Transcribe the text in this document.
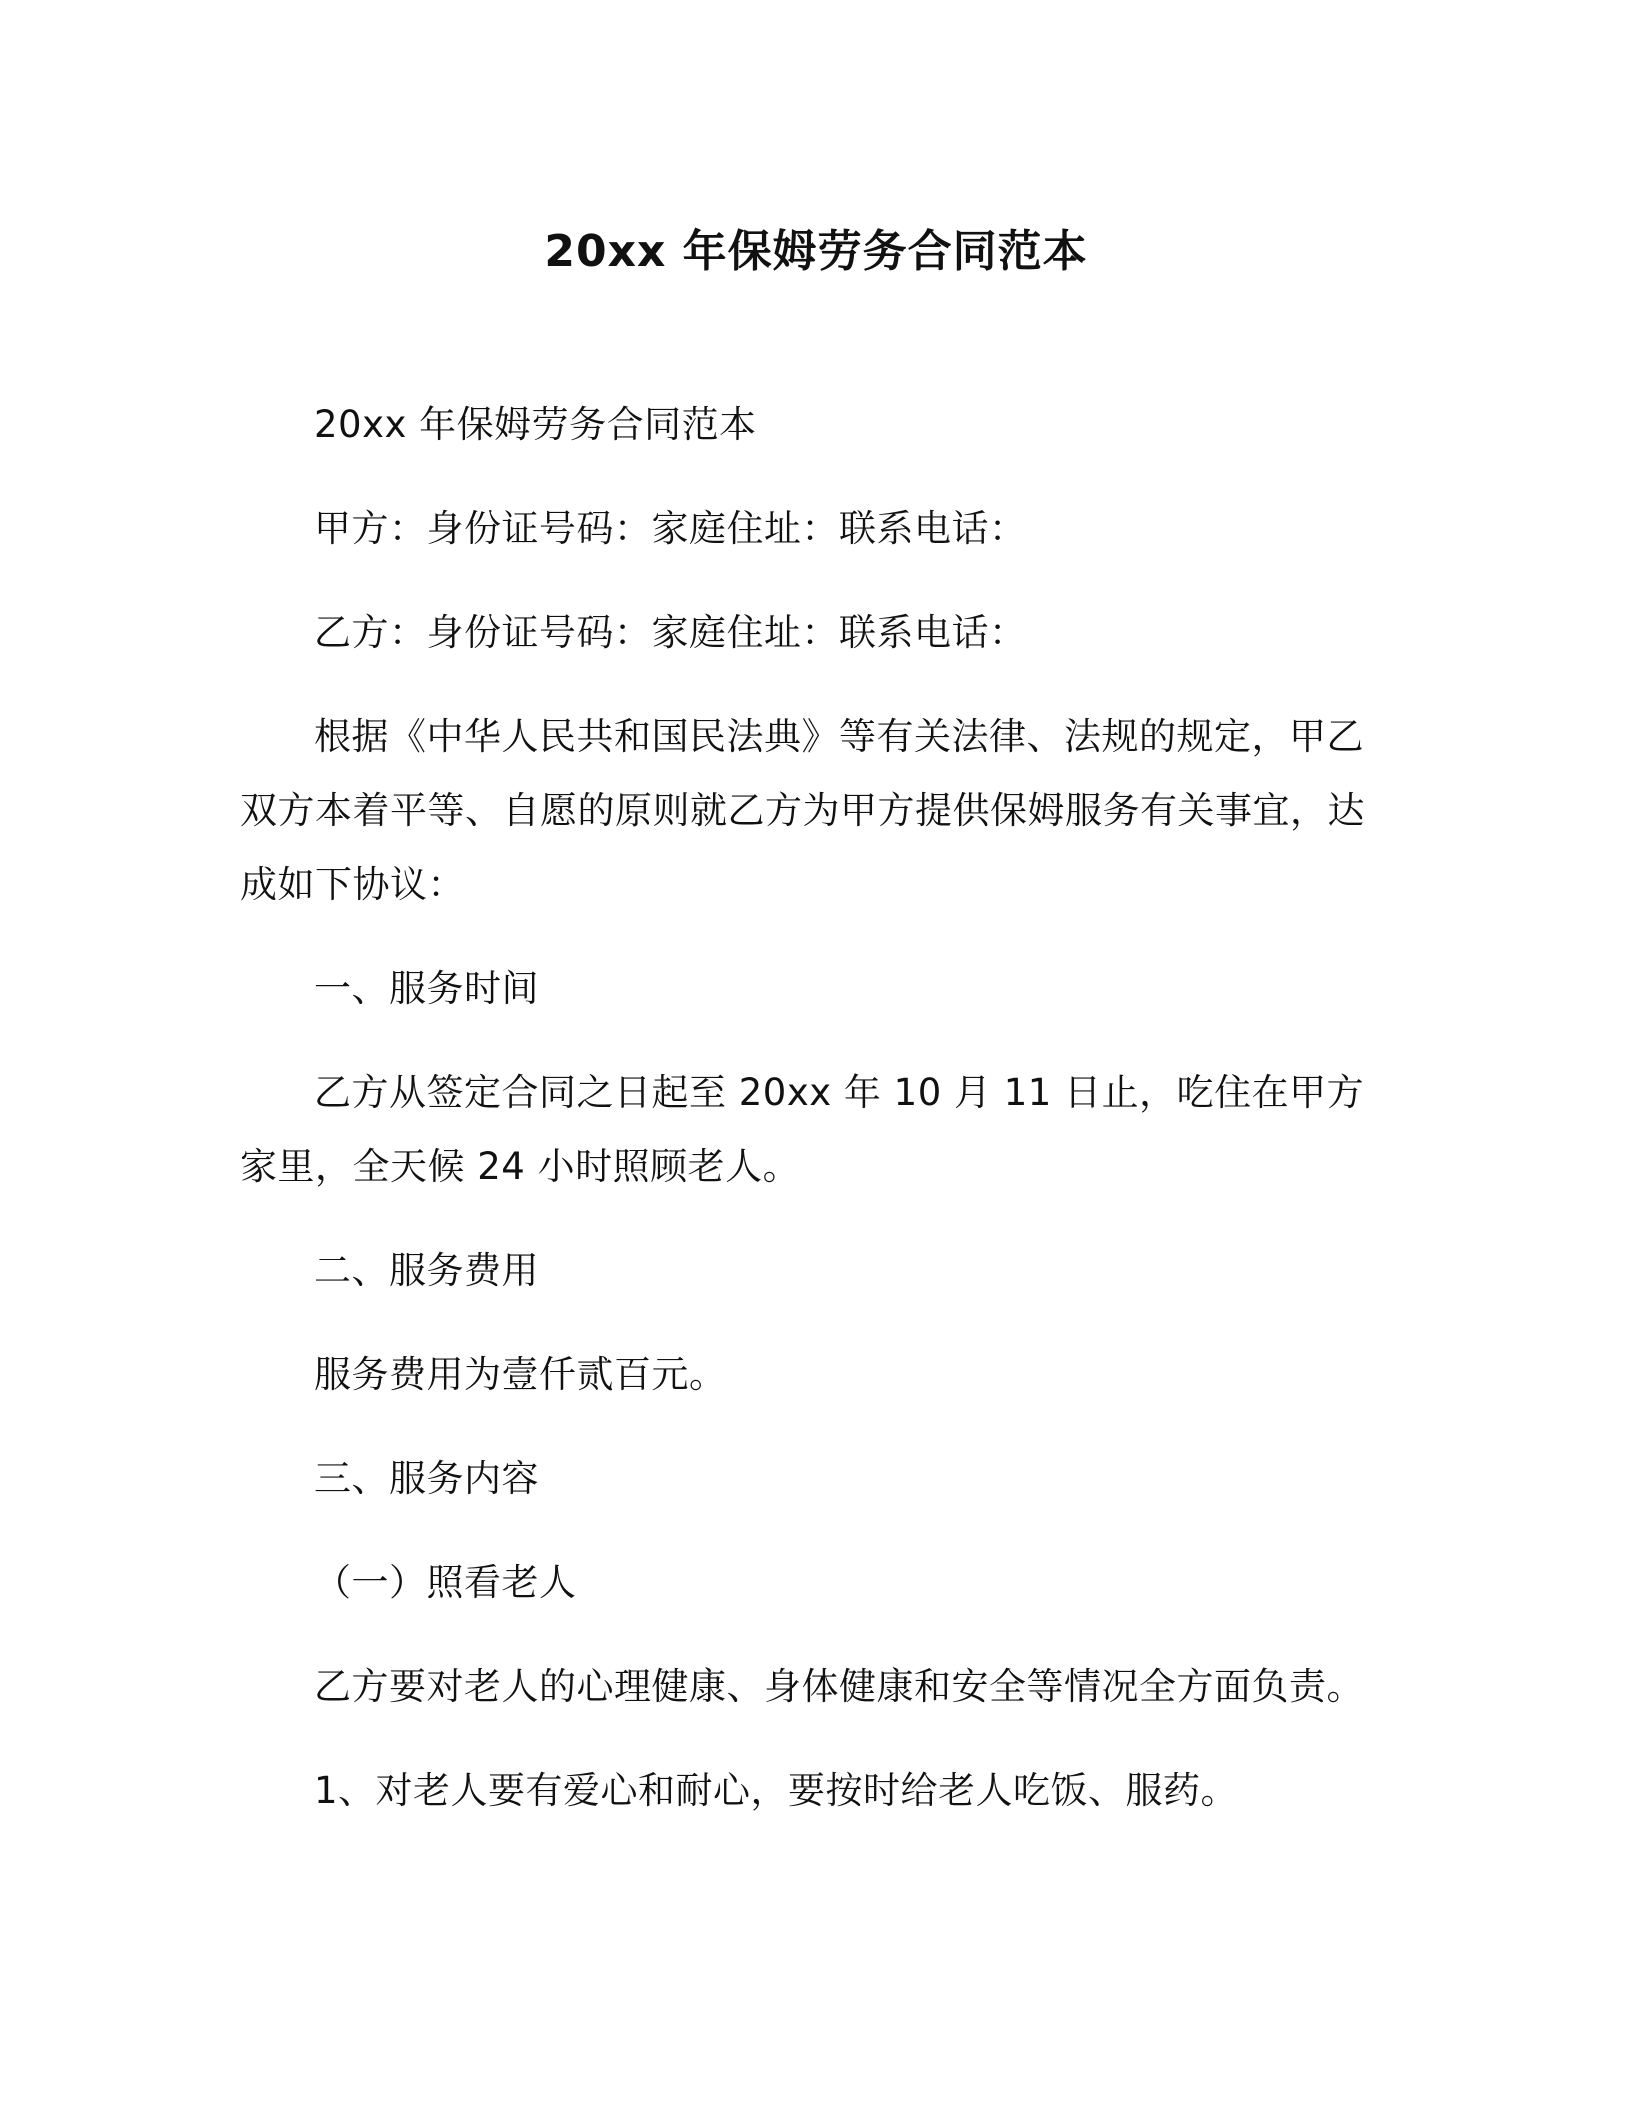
20xx 年保姆劳务合同范本

20xx 年保姆劳务合同范本

甲方：身份证号码：家庭住址：联系电话：

乙方：身份证号码：家庭住址：联系电话：

根据《中华人民共和国民法典》等有关法律、法规的规定，甲乙双方本着平等、自愿的原则就乙方为甲方提供保姆服务有关事宜，达成如下协议：

一、服务时间

乙方从签定合同之日起至 20xx 年 10 月 11 日止，吃住在甲方家里，全天候 24 小时照顾老人。

二、服务费用

服务费用为壹仟贰百元。

三、服务内容

（一）照看老人

乙方要对老人的心理健康、身体健康和安全等情况全方面负责。

1、对老人要有爱心和耐心，要按时给老人吃饭、服药。
